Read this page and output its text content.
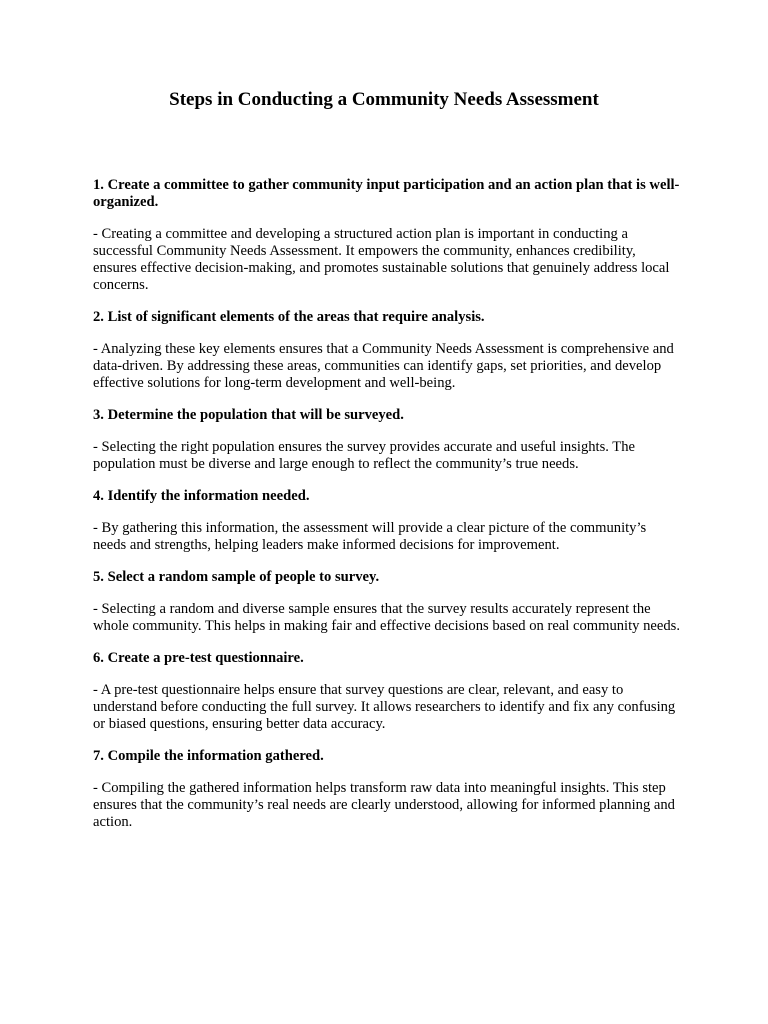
Steps in Conducting a Community Needs Assessment

1. Create a committee to gather community input participation and an action plan that is well-organized.

- Creating a committee and developing a structured action plan is important in conducting a successful Community Needs Assessment. It empowers the community, enhances credibility, ensures effective decision-making, and promotes sustainable solutions that genuinely address local concerns.

2. List of significant elements of the areas that require analysis.

- Analyzing these key elements ensures that a Community Needs Assessment is comprehensive and data-driven. By addressing these areas, communities can identify gaps, set priorities, and develop effective solutions for long-term development and well-being.

3. Determine the population that will be surveyed.

- Selecting the right population ensures the survey provides accurate and useful insights. The population must be diverse and large enough to reflect the community’s true needs.

4. Identify the information needed.

- By gathering this information, the assessment will provide a clear picture of the community’s needs and strengths, helping leaders make informed decisions for improvement.

5. Select a random sample of people to survey.

- Selecting a random and diverse sample ensures that the survey results accurately represent the whole community. This helps in making fair and effective decisions based on real community needs.

6. Create a pre-test questionnaire.

- A pre-test questionnaire helps ensure that survey questions are clear, relevant, and easy to understand before conducting the full survey. It allows researchers to identify and fix any confusing or biased questions, ensuring better data accuracy.

7. Compile the information gathered.

- Compiling the gathered information helps transform raw data into meaningful insights. This step ensures that the community’s real needs are clearly understood, allowing for informed planning and action.
